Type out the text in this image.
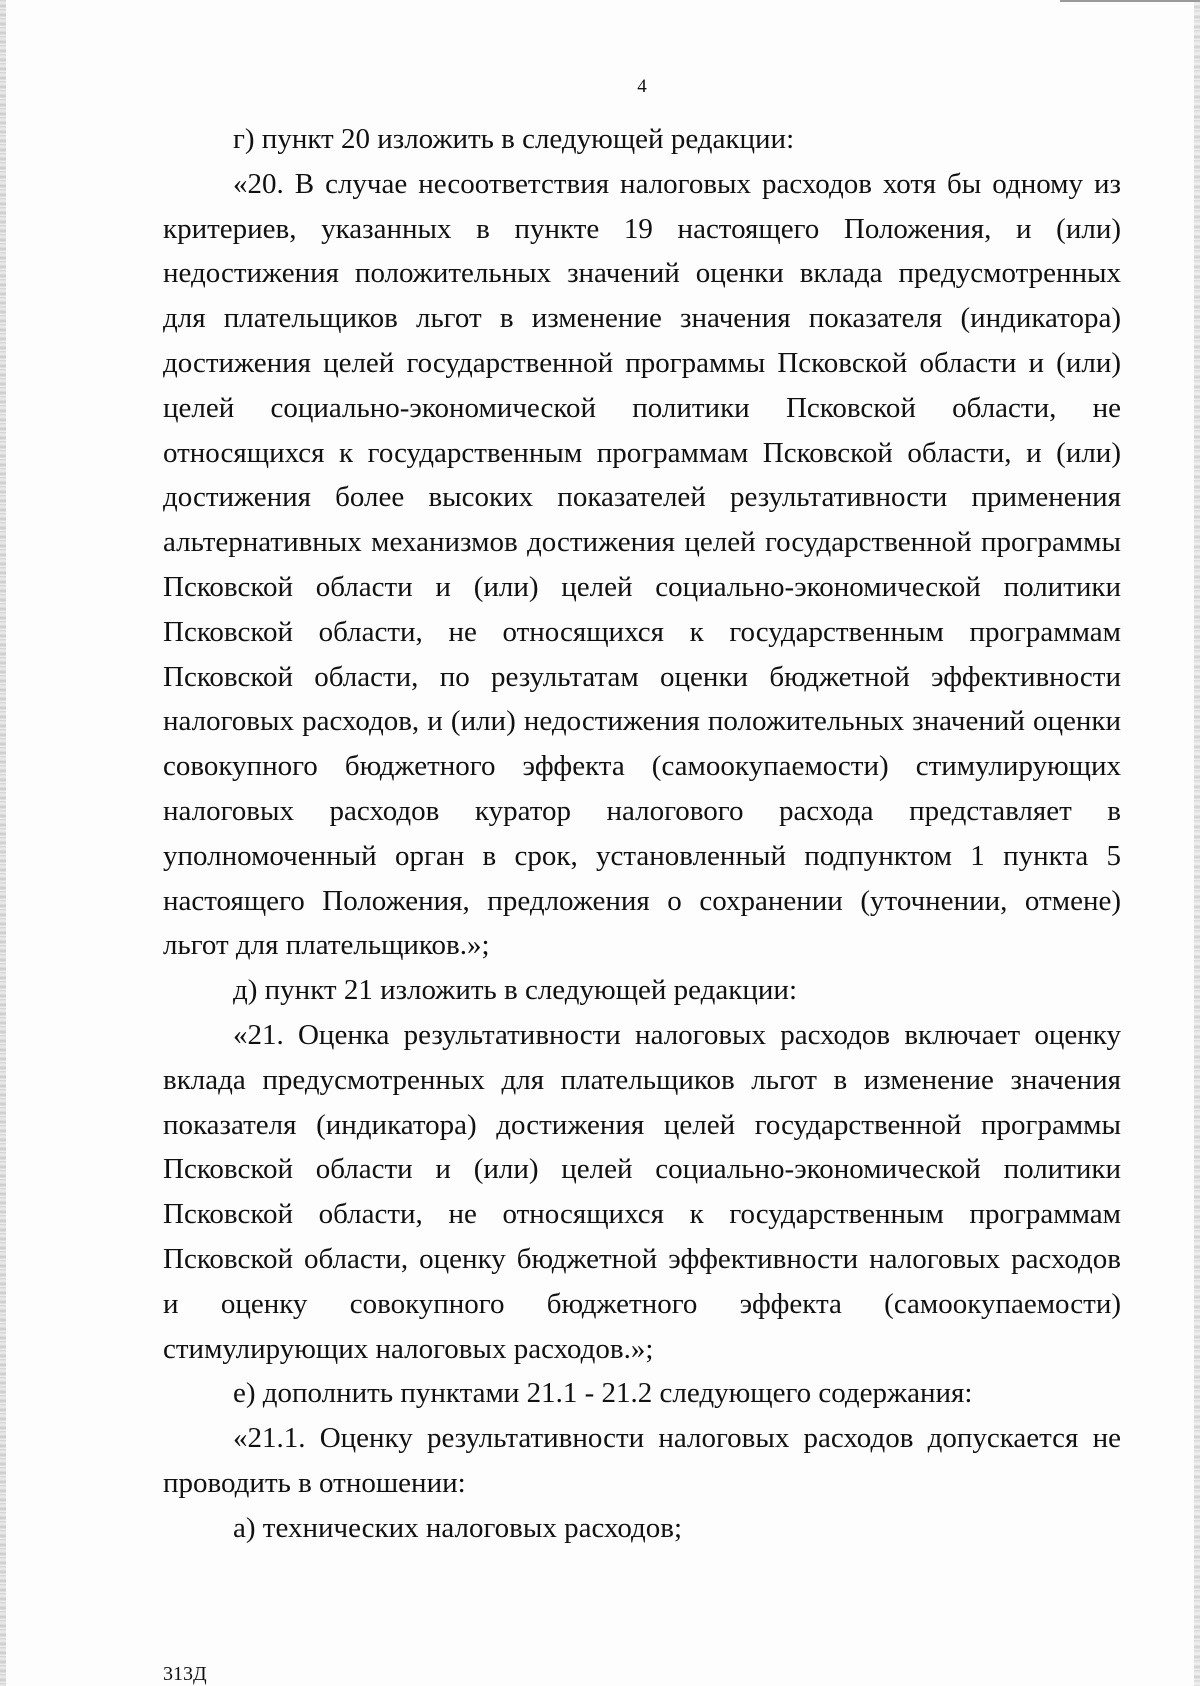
4

г) пункт 20 изложить в следующей редакции:

«20. В случае несоответствия налоговых расходов хотя бы одному из критериев, указанных в пункте 19 настоящего Положения, и (или) недостижения положительных значений оценки вклада предусмотренных для плательщиков льгот в изменение значения показателя (индикатора) достижения целей государственной программы Псковской области и (или) целей социально-экономической политики Псковской области, не относящихся к государственным программам Псковской области, и (или) достижения более высоких показателей результативности применения альтернативных механизмов достижения целей государственной программы Псковской области и (или) целей социально-экономической политики Псковской области, не относящихся к государственным программам Псковской области, по результатам оценки бюджетной эффективности налоговых расходов, и (или) недостижения положительных значений оценки совокупного бюджетного эффекта (самоокупаемости) стимулирующих налоговых расходов куратор налогового расхода представляет в уполномоченный орган в срок, установленный подпунктом 1 пункта 5 настоящего Положения, предложения о сохранении (уточнении, отмене) льгот для плательщиков.»;

д) пункт 21 изложить в следующей редакции:

«21. Оценка результативности налоговых расходов включает оценку вклада предусмотренных для плательщиков льгот в изменение значения показателя (индикатора) достижения целей государственной программы Псковской области и (или) целей социально-экономической политики Псковской области, не относящихся к государственным программам Псковской области, оценку бюджетной эффективности налоговых расходов и оценку совокупного бюджетного эффекта (самоокупаемости) стимулирующих налоговых расходов.»;

е) дополнить пунктами 21.1 - 21.2 следующего содержания:

«21.1. Оценку результативности налоговых расходов допускается не проводить в отношении:

а) технических налоговых расходов;

313Д
